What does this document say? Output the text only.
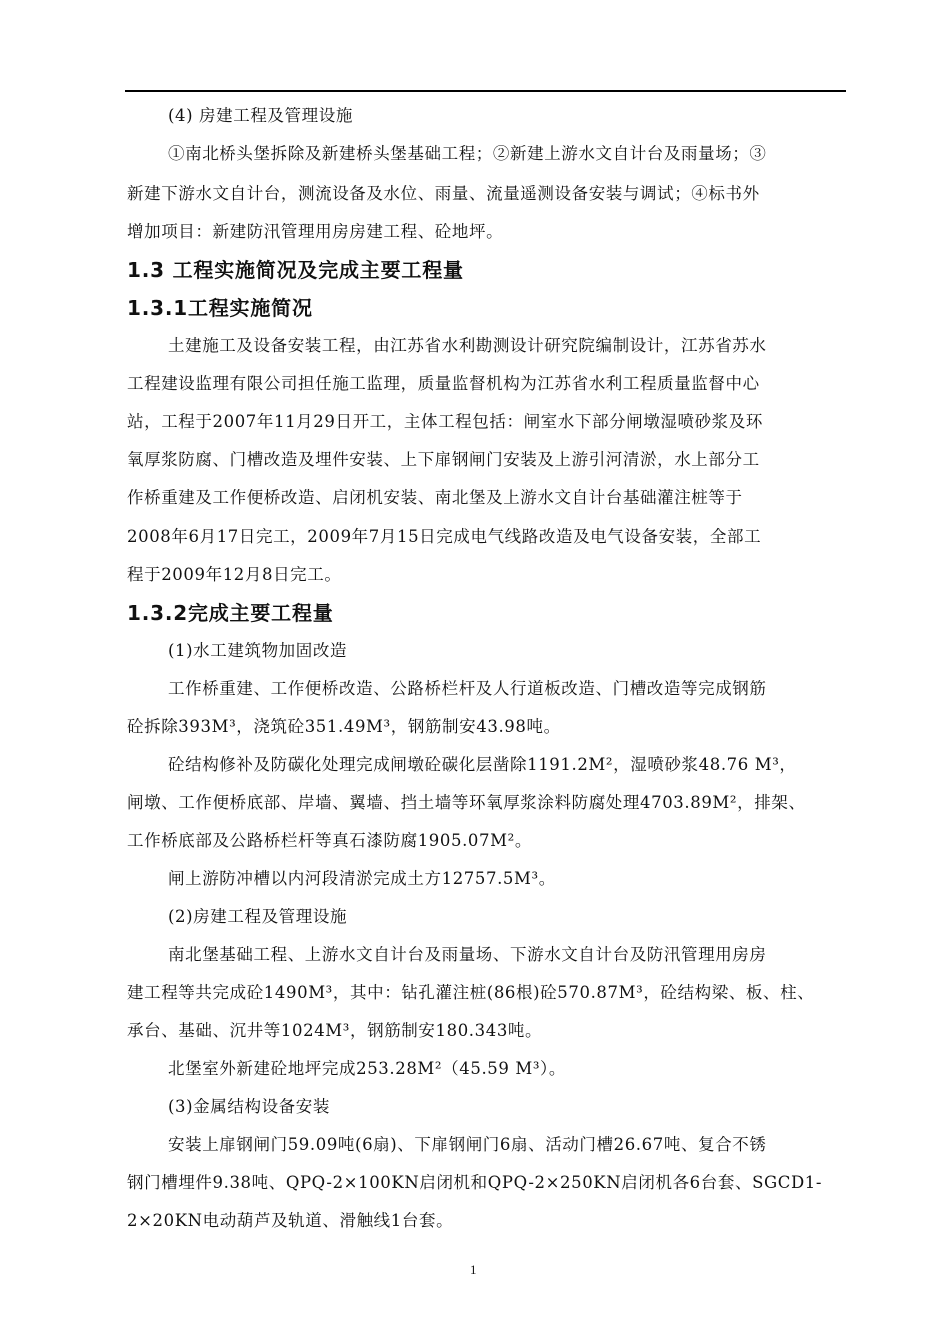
(4) 房建工程及管理设施
①南北桥头堡拆除及新建桥头堡基础工程；②新建上游水文自计台及雨量场；③
新建下游水文自计台，测流设备及水位、雨量、流量遥测设备安装与调试；④标书外
增加项目：新建防汛管理用房房建工程、砼地坪。
1.3 工程实施简况及完成主要工程量
1.3.1工程实施简况
土建施工及设备安装工程，由江苏省水利勘测设计研究院编制设计，江苏省苏水
工程建设监理有限公司担任施工监理，质量监督机构为江苏省水利工程质量监督中心
站，工程于2007年11月29日开工，主体工程包括：闸室水下部分闸墩湿喷砂浆及环
氧厚浆防腐、门槽改造及埋件安装、上下扉钢闸门安装及上游引河清淤，水上部分工
作桥重建及工作便桥改造、启闭机安装、南北堡及上游水文自计台基础灌注桩等于
2008年6月17日完工，2009年7月15日完成电气线路改造及电气设备安装，全部工
程于2009年12月8日完工。
1.3.2完成主要工程量
(1)水工建筑物加固改造
工作桥重建、工作便桥改造、公路桥栏杆及人行道板改造、门槽改造等完成钢筋
砼拆除393M³，浇筑砼351.49M³，钢筋制安43.98吨。
砼结构修补及防碳化处理完成闸墩砼碳化层凿除1191.2M²，湿喷砂浆48.76 M³，
闸墩、工作便桥底部、岸墙、翼墙、挡土墙等环氧厚浆涂料防腐处理4703.89M²，排架、
工作桥底部及公路桥栏杆等真石漆防腐1905.07M²。
闸上游防冲槽以内河段清淤完成土方12757.5M³。
(2)房建工程及管理设施
南北堡基础工程、上游水文自计台及雨量场、下游水文自计台及防汛管理用房房
建工程等共完成砼1490M³，其中：钻孔灌注桩(86根)砼570.87M³，砼结构梁、板、柱、
承台、基础、沉井等1024M³，钢筋制安180.343吨。
北堡室外新建砼地坪完成253.28M²（45.59 M³）。
(3)金属结构设备安装
安装上扉钢闸门59.09吨(6扇)、下扉钢闸门6扇、活动门槽26.67吨、复合不锈
钢门槽埋件9.38吨、QPQ-2×100KN启闭机和QPQ-2×250KN启闭机各6台套、SGCD1-
2×20KN电动葫芦及轨道、滑触线1台套。
1
